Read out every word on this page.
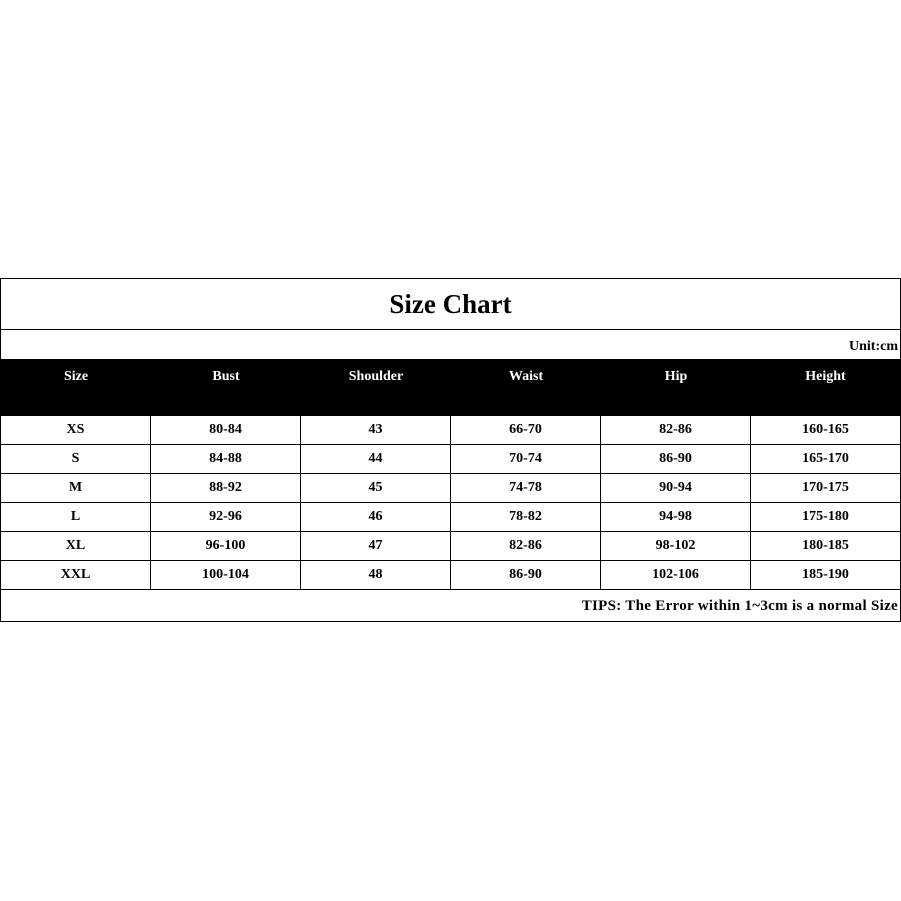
Size Chart
Unit:cm
Size	Bust	Shoulder	Waist	Hip	Height
XS	80-84	43	66-70	82-86	160-165
S	84-88	44	70-74	86-90	165-170
M	88-92	45	74-78	90-94	170-175
L	92-96	46	78-82	94-98	175-180
XL	96-100	47	82-86	98-102	180-185
XXL	100-104	48	86-90	102-106	185-190
TIPS: The Error within 1~3cm is a normal Size
